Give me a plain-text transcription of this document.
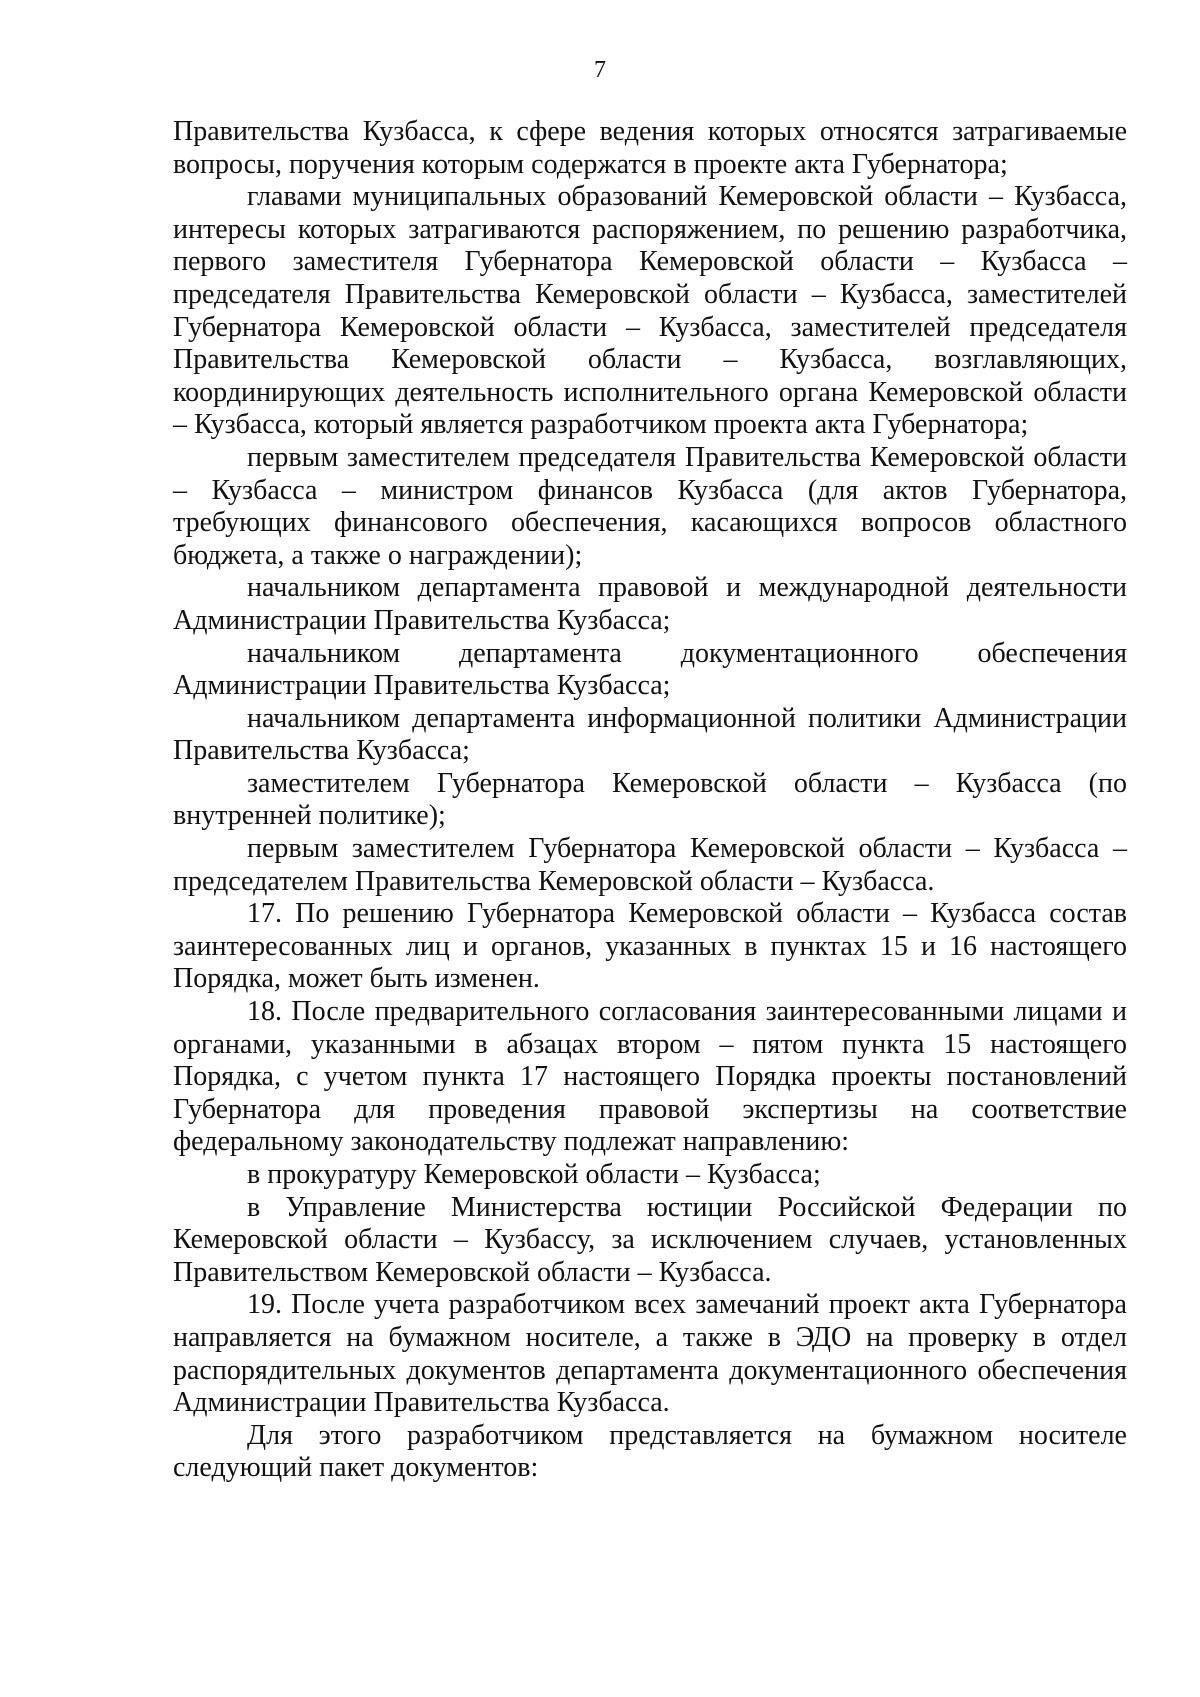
7

Правительства Кузбасса, к сфере ведения которых относятся затрагиваемые вопросы, поручения которым содержатся в проекте акта Губернатора;

главами муниципальных образований Кемеровской области – Кузбасса, интересы которых затрагиваются распоряжением, по решению разработчика, первого заместителя Губернатора Кемеровской области – Кузбасса – председателя Правительства Кемеровской области – Кузбасса, заместителей Губернатора Кемеровской области – Кузбасса, заместителей председателя Правительства Кемеровской области – Кузбасса, возглавляющих, координирующих деятельность исполнительного органа Кемеровской области – Кузбасса, который является разработчиком проекта акта Губернатора;

первым заместителем председателя Правительства Кемеровской области – Кузбасса – министром финансов Кузбасса (для актов Губернатора, требующих финансового обеспечения, касающихся вопросов областного бюджета, а также о награждении);

начальником департамента правовой и международной деятельности Администрации Правительства Кузбасса;

начальником департамента документационного обеспечения Администрации Правительства Кузбасса;

начальником департамента информационной политики Администрации Правительства Кузбасса;

заместителем Губернатора Кемеровской области – Кузбасса (по внутренней политике);

первым заместителем Губернатора Кемеровской области – Кузбасса – председателем Правительства Кемеровской области – Кузбасса.

17. По решению Губернатора Кемеровской области – Кузбасса состав заинтересованных лиц и органов, указанных в пунктах 15 и 16 настоящего Порядка, может быть изменен.

18. После предварительного согласования заинтересованными лицами и органами, указанными в абзацах втором – пятом пункта 15 настоящего Порядка, с учетом пункта 17 настоящего Порядка проекты постановлений Губернатора для проведения правовой экспертизы на соответствие федеральному законодательству подлежат направлению:

в прокуратуру Кемеровской области – Кузбасса;

в Управление Министерства юстиции Российской Федерации по Кемеровской области – Кузбассу, за исключением случаев, установленных Правительством Кемеровской области – Кузбасса.

19. После учета разработчиком всех замечаний проект акта Губернатора направляется на бумажном носителе, а также в ЭДО на проверку в отдел распорядительных документов департамента документационного обеспечения Администрации Правительства Кузбасса.

Для этого разработчиком представляется на бумажном носителе следующий пакет документов:
